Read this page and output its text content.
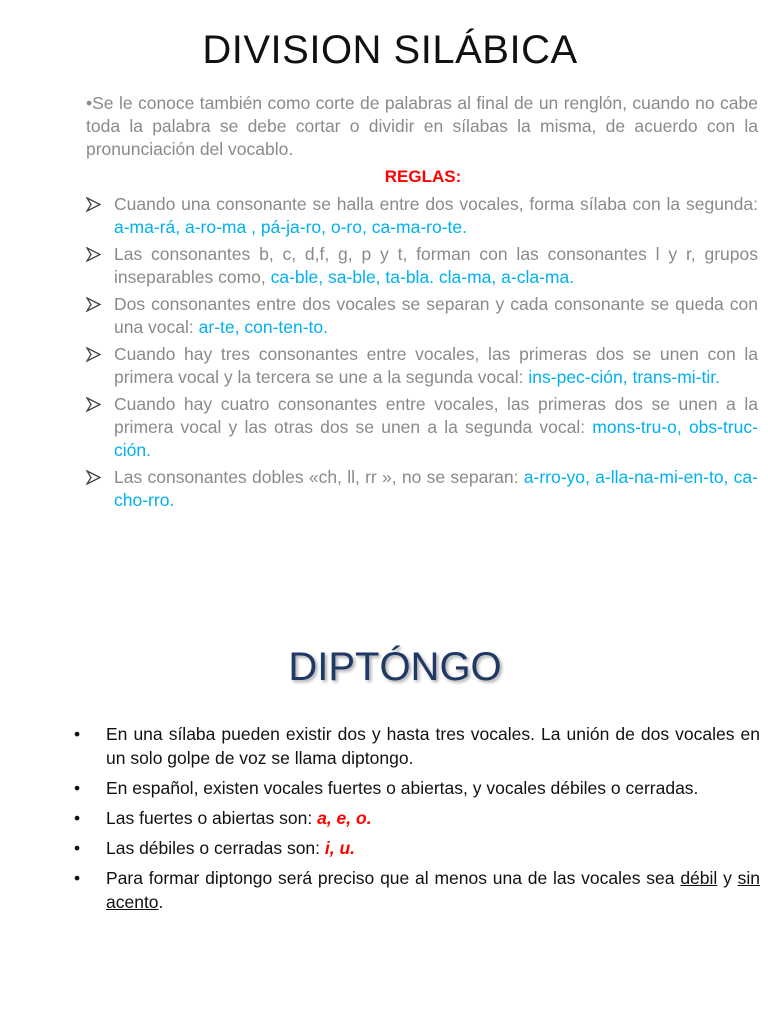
DIVISION SILÁBICA
•Se le conoce también como corte de palabras al final de un renglón, cuando no cabe toda la palabra se debe cortar o dividir en sílabas la misma, de acuerdo con la pronunciación del vocablo.
REGLAS:
Cuando una consonante se halla entre dos vocales, forma sílaba con la segunda: a-ma-rá, a-ro-ma , pá-ja-ro, o-ro, ca-ma-ro-te.
Las consonantes b, c, d,f, g, p y t, forman con las consonantes l y r, grupos inseparables como, ca-ble, sa-ble, ta-bla. cla-ma, a-cla-ma.
Dos consonantes entre dos vocales se separan y cada consonante se queda con una vocal: ar-te, con-ten-to.
Cuando hay tres consonantes entre vocales, las primeras dos se unen con la primera vocal y la tercera se une a la segunda vocal: ins-pec-ción, trans-mi-tir.
Cuando hay cuatro consonantes entre vocales, las primeras dos se unen a la primera vocal y las otras dos se unen a la segunda vocal: mons-tru-o, obs-truc-ción.
Las consonantes dobles «ch, ll, rr », no se separan: a-rro-yo, a-lla-na-mi-en-to, ca-cho-rro.
DIPTÓNGO
• En una sílaba pueden existir dos y hasta tres vocales. La unión de dos vocales en un solo golpe de voz se llama diptongo.
• En español, existen vocales fuertes o abiertas, y vocales débiles o cerradas.
• Las fuertes o abiertas son: a, e, o.
• Las débiles o cerradas son: i, u.
• Para formar diptongo será preciso que al menos una de las vocales sea débil y sin acento.
